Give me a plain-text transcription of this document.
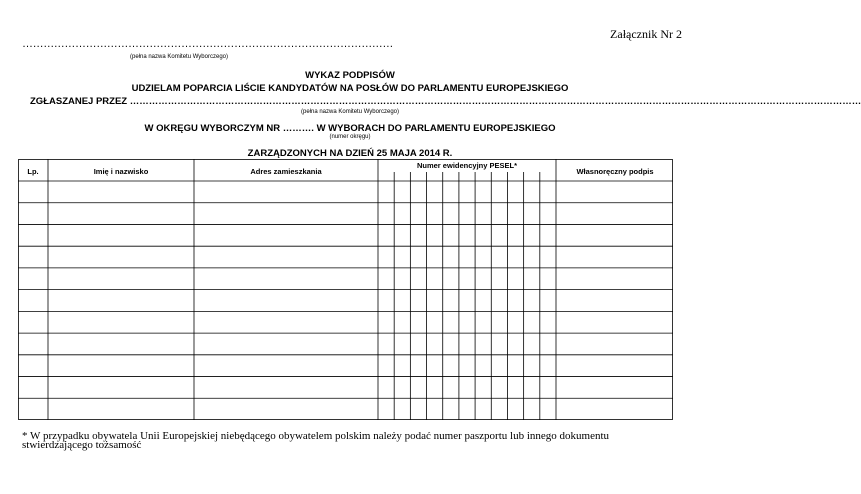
Załącznik Nr 2
……………………………………………………………………………………………
(pełna nazwa Komitetu Wyborczego)
WYKAZ PODPISÓW
UDZIELAM POPARCIA LIŚCIE KANDYDATÓW NA POSŁÓW DO PARLAMENTU EUROPEJSKIEGO
ZGŁASZANEJ PRZEZ ……………………………………………………………………………………………………………………………………………………………………………………………………………
(pełna nazwa Komitetu Wyborczego)
W OKRĘGU WYBORCZYM NR ………. W WYBORACH DO PARLAMENTU EUROPEJSKIEGO
(numer okręgu)
ZARZĄDZONYCH NA DZIEŃ 25 MAJA 2014 R.
Lp.	Imię i nazwisko	Adres zamieszkania
Numer ewidencyjny PESEL*
Własnoręczny podpis
* W przypadku obywatela Unii Europejskiej niebędącego obywatelem polskim należy podać numer paszportu lub innego dokumentu stwierdzającego tożsamość
